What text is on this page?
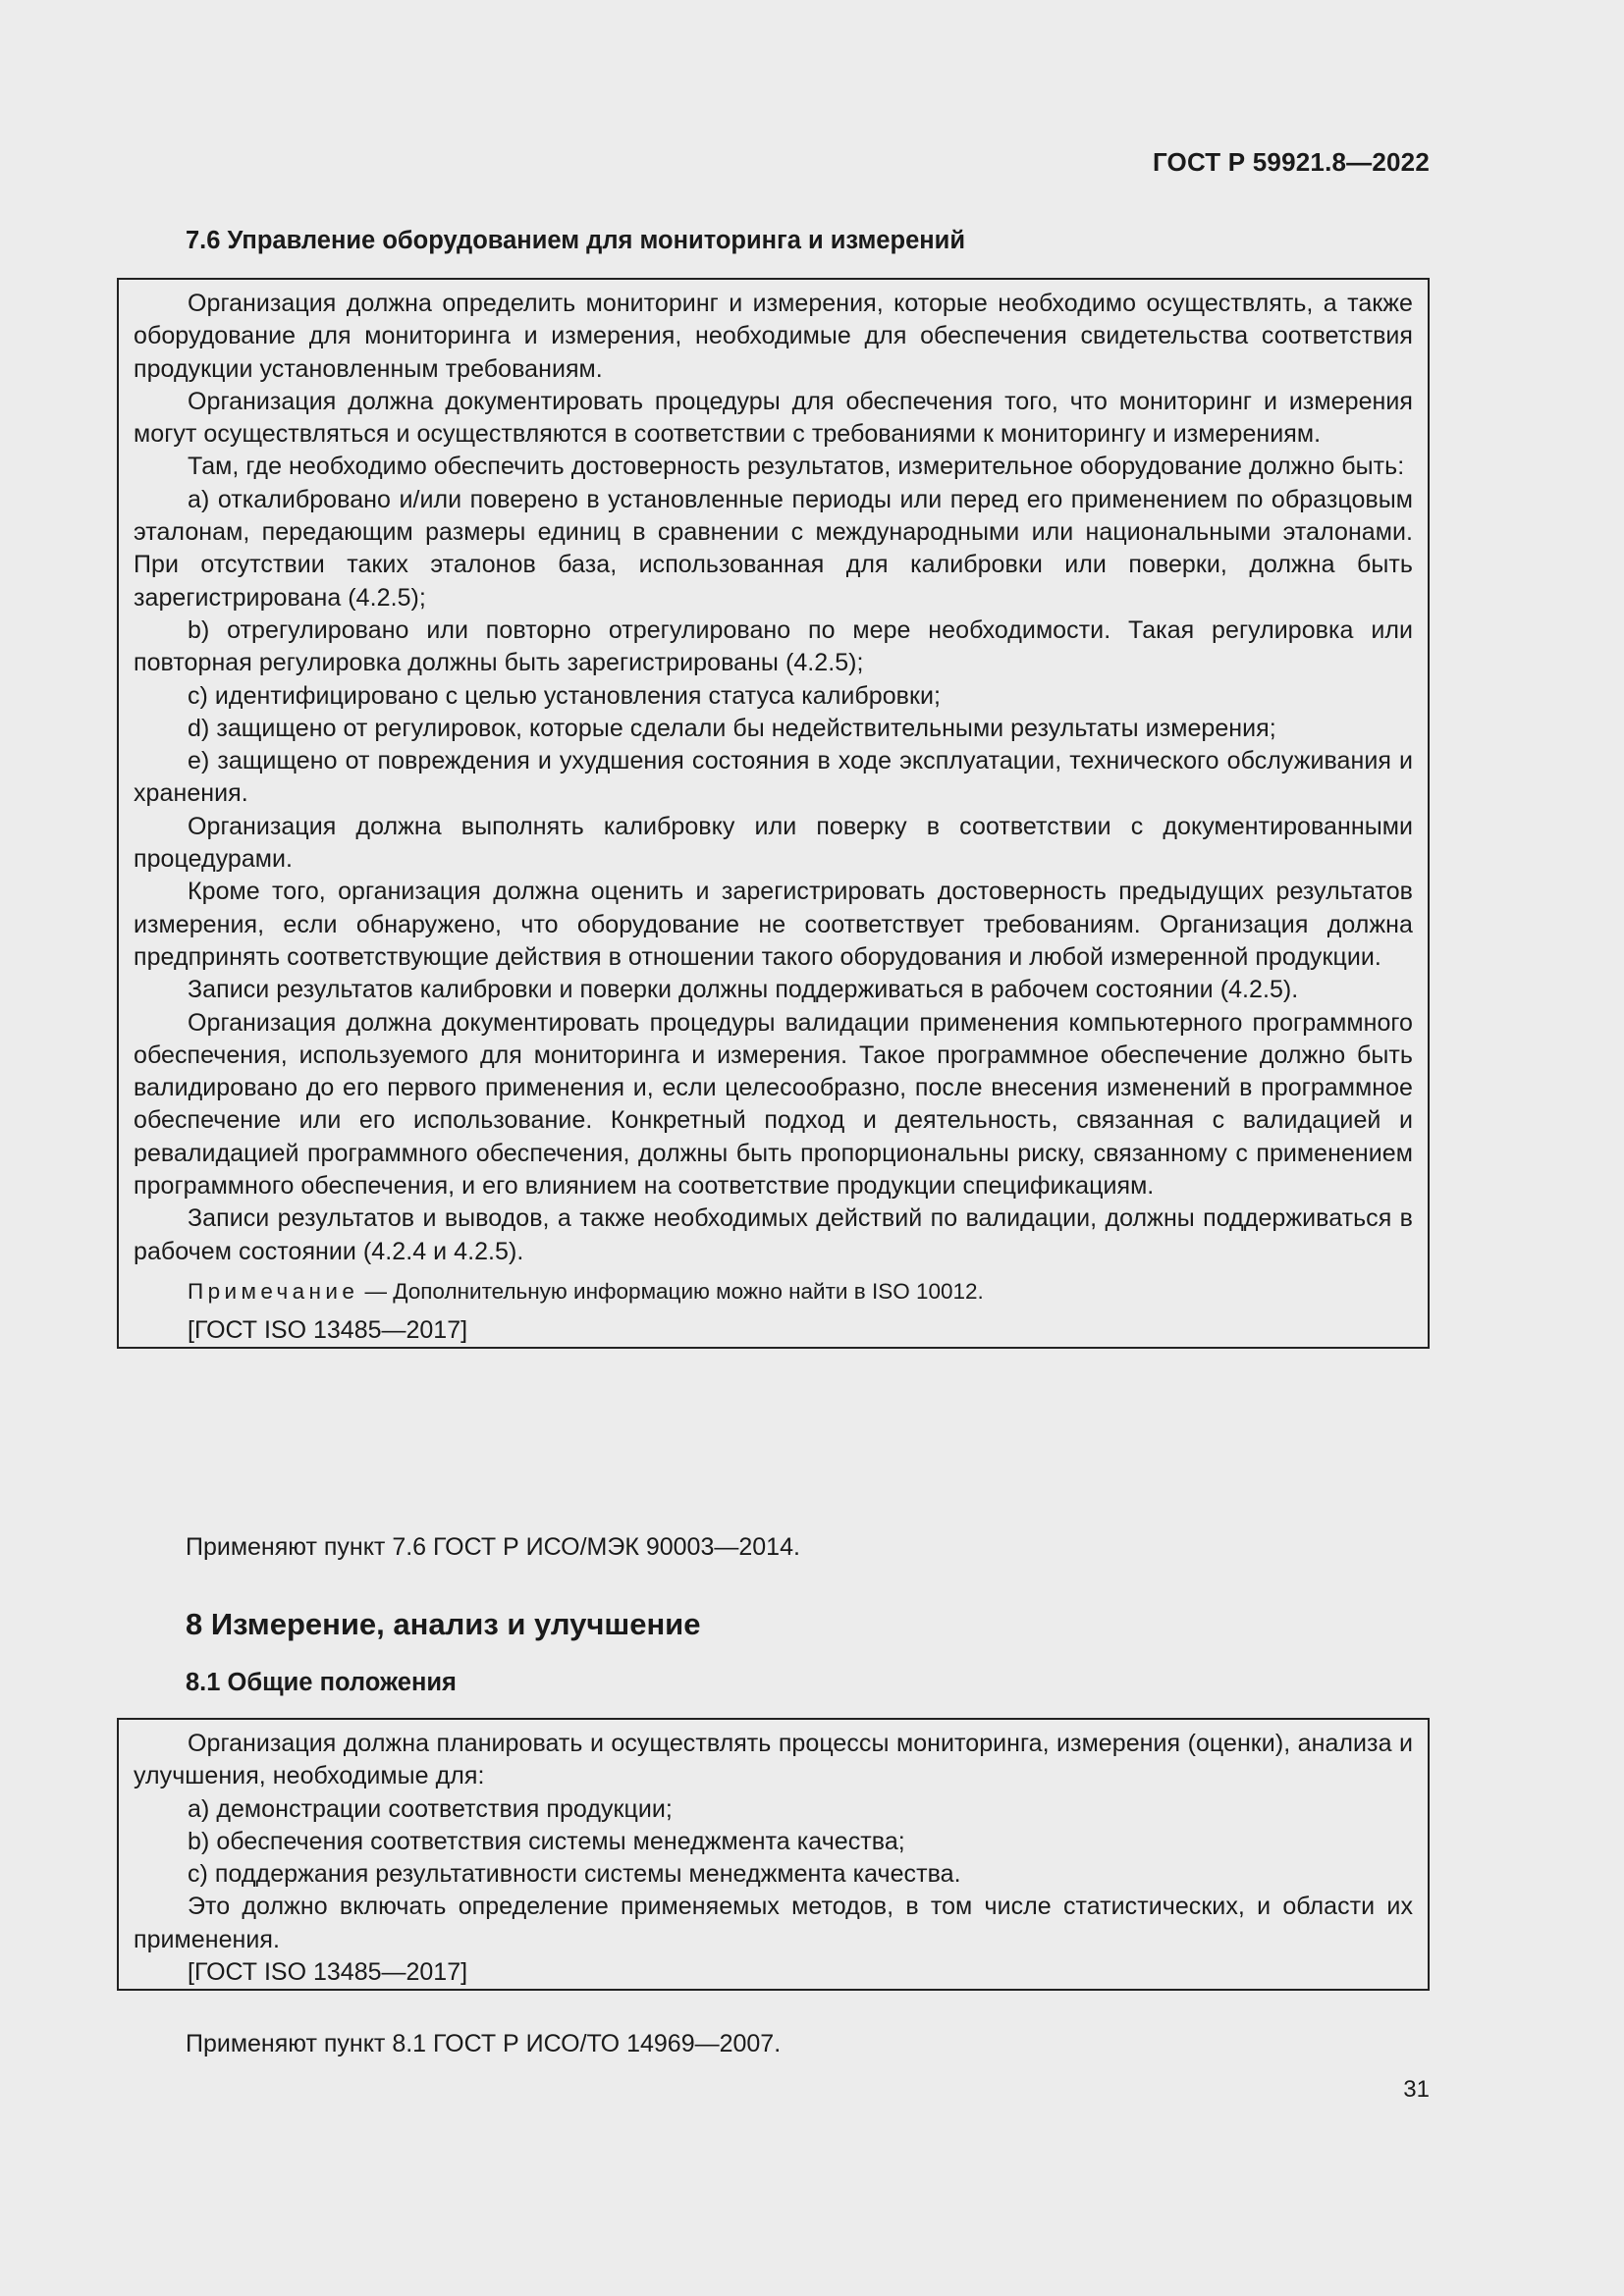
ГОСТ Р 59921.8—2022
7.6 Управление оборудованием для мониторинга и измерений

Организация должна определить мониторинг и измерения, которые необходимо осуществлять, а также оборудование для мониторинга и измерения, необходимые для обеспечения свидетельства соответствия продукции установленным требованиям.

Организация должна документировать процедуры для обеспечения того, что мониторинг и измерения могут осуществляться и осуществляются в соответствии с требованиями к мониторингу и измерениям.

Там, где необходимо обеспечить достоверность результатов, измерительное оборудование должно быть:

a) откалибровано и/или поверено в установленные периоды или перед его применением по образцовым эталонам, передающим размеры единиц в сравнении с международными или национальными эталонами. При отсутствии таких эталонов база, использованная для калибровки или поверки, должна быть зарегистрирована (4.2.5);

b) отрегулировано или повторно отрегулировано по мере необходимости. Такая регулировка или повторная регулировка должны быть зарегистрированы (4.2.5);

c) идентифицировано с целью установления статуса калибровки;

d) защищено от регулировок, которые сделали бы недействительными результаты измерения;

e) защищено от повреждения и ухудшения состояния в ходе эксплуатации, технического обслуживания и хранения.

Организация должна выполнять калибровку или поверку в соответствии с документированными процедурами.

Кроме того, организация должна оценить и зарегистрировать достоверность предыдущих результатов измерения, если обнаружено, что оборудование не соответствует требованиям. Организация должна предпринять соответствующие действия в отношении такого оборудования и любой измеренной продукции.

Записи результатов калибровки и поверки должны поддерживаться в рабочем состоянии (4.2.5).

Организация должна документировать процедуры валидации применения компьютерного программного обеспечения, используемого для мониторинга и измерения. Такое программное обеспечение должно быть валидировано до его первого применения и, если целесообразно, после внесения изменений в программное обеспечение или его использование. Конкретный подход и деятельность, связанная с валидацией и ревалидацией программного обеспечения, должны быть пропорциональны риску, связанному с применением программного обеспечения, и его влиянием на соответствие продукции спецификациям.

Записи результатов и выводов, а также необходимых действий по валидации, должны поддерживаться в рабочем состоянии (4.2.4 и 4.2.5).

Примечание — Дополнительную информацию можно найти в ISO 10012.

[ГОСТ ISO 13485—2017]

Применяют пункт 7.6 ГОСТ Р ИСО/МЭК 90003—2014.
8 Измерение, анализ и улучшение
8.1 Общие положения

Организация должна планировать и осуществлять процессы мониторинга, измерения (оценки), анализа и улучшения, необходимые для:

a) демонстрации соответствия продукции;

b) обеспечения соответствия системы менеджмента качества;

c) поддержания результативности системы менеджмента качества.

Это должно включать определение применяемых методов, в том числе статистических, и области их применения.

[ГОСТ ISO 13485—2017]

Применяют пункт 8.1 ГОСТ Р ИСО/ТО 14969—2007.
31
